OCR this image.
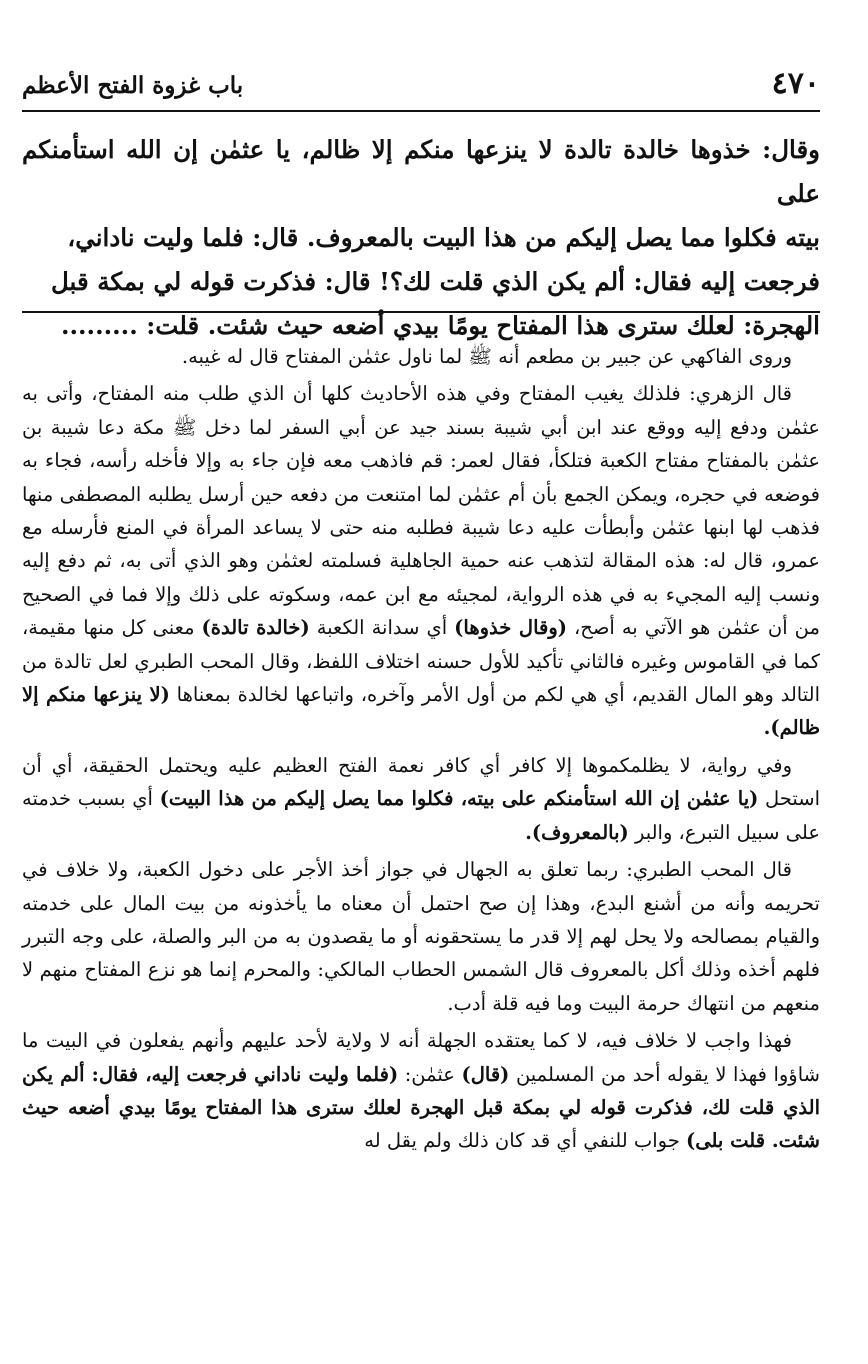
٤٧٠
باب غزوة الفتح الأعظم

وقال: خذوها خالدة تالدة لا ينزعها منكم إلا ظالم، يا عثمٰن إن الله استأمنكم على

بيته فكلوا مما يصل إليكم من هذا البيت بالمعروف. قال: فلما وليت ناداني،

فرجعت إليه فقال: ألم يكن الذي قلت لك؟! قال: فذكرت قوله لي بمكة قبل

الهجرة: لعلك سترى هذا المفتاح يومًا بيدي أضعه حيث شئت. قلت: .........

وروى الفاكهي عن جبير بن مطعم أنه ﷺ لما ناول عثمٰن المفتاح قال له غيبه.

قال الزهري: فلذلك يغيب المفتاح وفي هذه الأحاديث كلها أن الذي طلب منه المفتاح، وأتى به عثمٰن ودفع إليه ووقع عند ابن أبي شيبة بسند جيد عن أبي السفر لما دخل ﷺ مكة دعا شيبة بن عثمٰن بالمفتاح مفتاح الكعبة فتلكأ، فقال لعمر: قم فاذهب معه فإن جاء به وإلا فأخله رأسه، فجاء به فوضعه في حجره، ويمكن الجمع بأن أم عثمٰن لما امتنعت من دفعه حين أرسل يطلبه المصطفى منها فذهب لها ابنها عثمٰن وأبطأت عليه دعا شيبة فطلبه منه حتى لا يساعد المرأة في المنع فأرسله مع عمرو، قال له: هذه المقالة لتذهب عنه حمية الجاهلية فسلمته لعثمٰن وهو الذي أتى به، ثم دفع إليه ونسب إليه المجيء به في هذه الرواية، لمجيئه مع ابن عمه، وسكوته على ذلك وإلا فما في الصحيح من أن عثمٰن هو الآتي به أصح، (وقال خذوها) أي سدانة الكعبة (خالدة تالدة) معنى كل منها مقيمة، كما في القاموس وغيره فالثاني تأكيد للأول حسنه اختلاف اللفظ، وقال المحب الطبري لعل تالدة من التالد وهو المال القديم، أي هي لكم من أول الأمر وآخره، واتباعها لخالدة بمعناها (لا ينزعها منكم إلا ظالم).

وفي رواية، لا يظلمكموها إلا كافر أي كافر نعمة الفتح العظيم عليه ويحتمل الحقيقة، أي أن استحل (يا عثمٰن إن الله استأمنكم على بيته، فكلوا مما يصل إليكم من هذا البيت) أي بسبب خدمته على سبيل التبرع، والبر (بالمعروف).

قال المحب الطبري: ربما تعلق به الجهال في جواز أخذ الأجر على دخول الكعبة، ولا خلاف في تحريمه وأنه من أشنع البدع، وهذا إن صح احتمل أن معناه ما يأخذونه من بيت المال على خدمته والقيام بمصالحه ولا يحل لهم إلا قدر ما يستحقونه أو ما يقصدون به من البر والصلة، على وجه التبرر فلهم أخذه وذلك أكل بالمعروف قال الشمس الحطاب المالكي: والمحرم إنما هو نزع المفتاح منهم لا منعهم من انتهاك حرمة البيت وما فيه قلة أدب.

فهذا واجب لا خلاف فيه، لا كما يعتقده الجهلة أنه لا ولاية لأحد عليهم وأنهم يفعلون في البيت ما شاؤوا فهذا لا يقوله أحد من المسلمين (قال) عثمٰن: (فلما وليت ناداني فرجعت إليه، فقال: ألم يكن الذي قلت لك، فذكرت قوله لي بمكة قبل الهجرة لعلك سترى هذا المفتاح يومًا بيدي أضعه حيث شئت. قلت بلى) جواب للنفي أي قد كان ذلك ولم يقل له
